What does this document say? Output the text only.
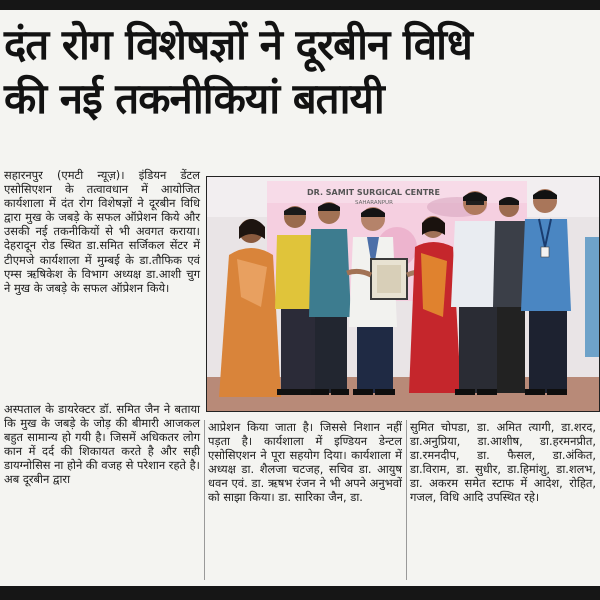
दंत रोग विशेषज्ञों ने दूरबीन विधि
की नई तकनीकियां बतायी

सहारनपुर (एमटी न्यूज़)। इंडियन डेंटल एसोसिएशन के तत्वावधान में आयोजित कार्यशाला में दंत रोग विशेषज्ञों ने दूरबीन विधि द्वारा मुख के जबड़े के सफल ऑप्रेशन किये और उसकी नई तकनीकियों से भी अवगत कराया। देहरादून रोड स्थित डा.समित सर्जिकल सेंटर में टीएमजे कार्यशाला में मुम्बई के डा.तौफिक एवं एम्स ऋषिकेश के विभाग अध्यक्ष डा.आशी चुग ने मुख के जबड़े के सफल ऑप्रेशन किये।

DR. SAMIT SURGICAL CENTRE
SAHARANPUR

अस्पताल के डायरेक्टर डॉ. समित जैन ने बताया कि मुख के जबड़े के जोड़ की बीमारी आजकल बहुत सामान्य हो गयी है। जिसमें अधिकतर लोग कान में दर्द की शिकायत करते है और सही डायग्नोसिस ना होने की वजह से परेशान रहते है। अब दूरबीन द्वारा

आप्रेशन किया जाता है। जिससे निशान नहीं पड़ता है। कार्यशाला में इण्डियन डेन्टल एसोसिएशन ने पूरा सहयोग दिया। कार्यशाला में अध्यक्ष डा. शैलजा चटजह, सचिव डा. आयुष धवन एवं. डा. ऋषभ रंजन ने भी अपने अनुभवों को साझा किया। डा. सारिका जैन, डा.

सुमित चोपडा, डा. अमित त्यागी, डा.शरद, डा.अनुप्रिया, डा.आशीष, डा.हरमनप्रीत, डा.रमनदीप, डा. फैसल, डा.अंकित, डा.विराम, डा. सुधीर, डा.हिमांशु, डा.शलभ, डा. अकरम समेत स्टाफ में आदेश, रोहित, गजल, विधि आदि उपस्थित रहे।
